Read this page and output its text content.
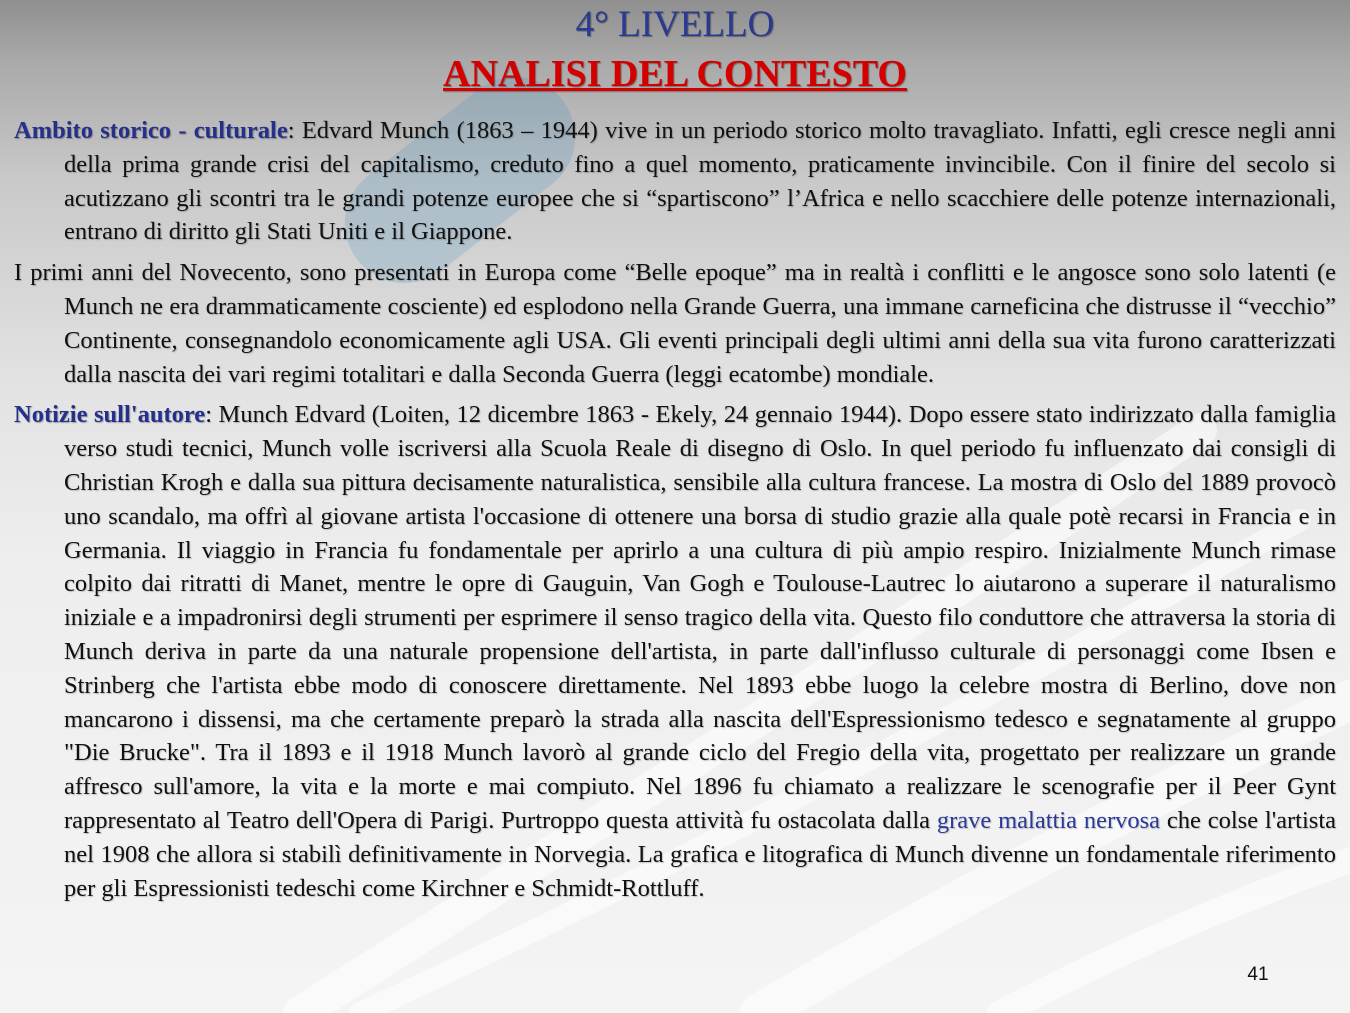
4° LIVELLO
ANALISI DEL CONTESTO

Ambito storico - culturale: Edvard Munch (1863 – 1944) vive in un periodo storico molto travagliato. Infatti, egli cresce negli anni della prima grande crisi del capitalismo, creduto fino a quel momento, praticamente invincibile. Con il finire del secolo si acutizzano gli scontri tra le grandi potenze europee che si “spartiscono” l’Africa e nello scacchiere delle potenze internazionali, entrano di diritto gli Stati Uniti e il Giappone.

I primi anni del Novecento, sono presentati in Europa come “Belle epoque” ma in realtà i conflitti e le angosce sono solo latenti (e Munch ne era drammaticamente cosciente) ed esplodono nella Grande Guerra, una immane carneficina che distrusse il “vecchio” Continente, consegnandolo economicamente agli USA. Gli eventi principali degli ultimi anni della sua vita furono caratterizzati dalla nascita dei vari regimi totalitari e dalla Seconda Guerra (leggi ecatombe) mondiale.

Notizie sull'autore: Munch Edvard (Loiten, 12 dicembre 1863 - Ekely, 24 gennaio 1944). Dopo essere stato indirizzato dalla famiglia verso studi tecnici, Munch volle iscriversi alla Scuola Reale di disegno di Oslo. In quel periodo fu influenzato dai consigli di Christian Krogh e dalla sua pittura decisamente naturalistica, sensibile alla cultura francese. La mostra di Oslo del 1889 provocò uno scandalo, ma offrì al giovane artista l'occasione di ottenere una borsa di studio grazie alla quale potè recarsi in Francia e in Germania. Il viaggio in Francia fu fondamentale per aprirlo a una cultura di più ampio respiro. Inizialmente Munch rimase colpito dai ritratti di Manet, mentre le opre di Gauguin, Van Gogh e Toulouse-Lautrec lo aiutarono a superare il naturalismo iniziale e a impadronirsi degli strumenti per esprimere il senso tragico della vita. Questo filo conduttore che attraversa la storia di Munch deriva in parte da una naturale propensione dell'artista, in parte dall'influsso culturale di personaggi come Ibsen e Strinberg che l'artista ebbe modo di conoscere direttamente. Nel 1893 ebbe luogo la celebre mostra di Berlino, dove non mancarono i dissensi, ma che certamente preparò la strada alla nascita dell'Espressionismo tedesco e segnatamente al gruppo "Die Brucke". Tra il 1893 e il 1918 Munch lavorò al grande ciclo del Fregio della vita, progettato per realizzare un grande affresco sull'amore, la vita e la morte e mai compiuto. Nel 1896 fu chiamato a realizzare le scenografie per il Peer Gynt rappresentato al Teatro dell'Opera di Parigi. Purtroppo questa attività fu ostacolata dalla grave malattia nervosa che colse l'artista nel 1908 che allora si stabilì definitivamente in Norvegia. La grafica e litografica di Munch divenne un fondamentale riferimento per gli Espressionisti tedeschi come Kirchner e Schmidt-Rottluff.

41
